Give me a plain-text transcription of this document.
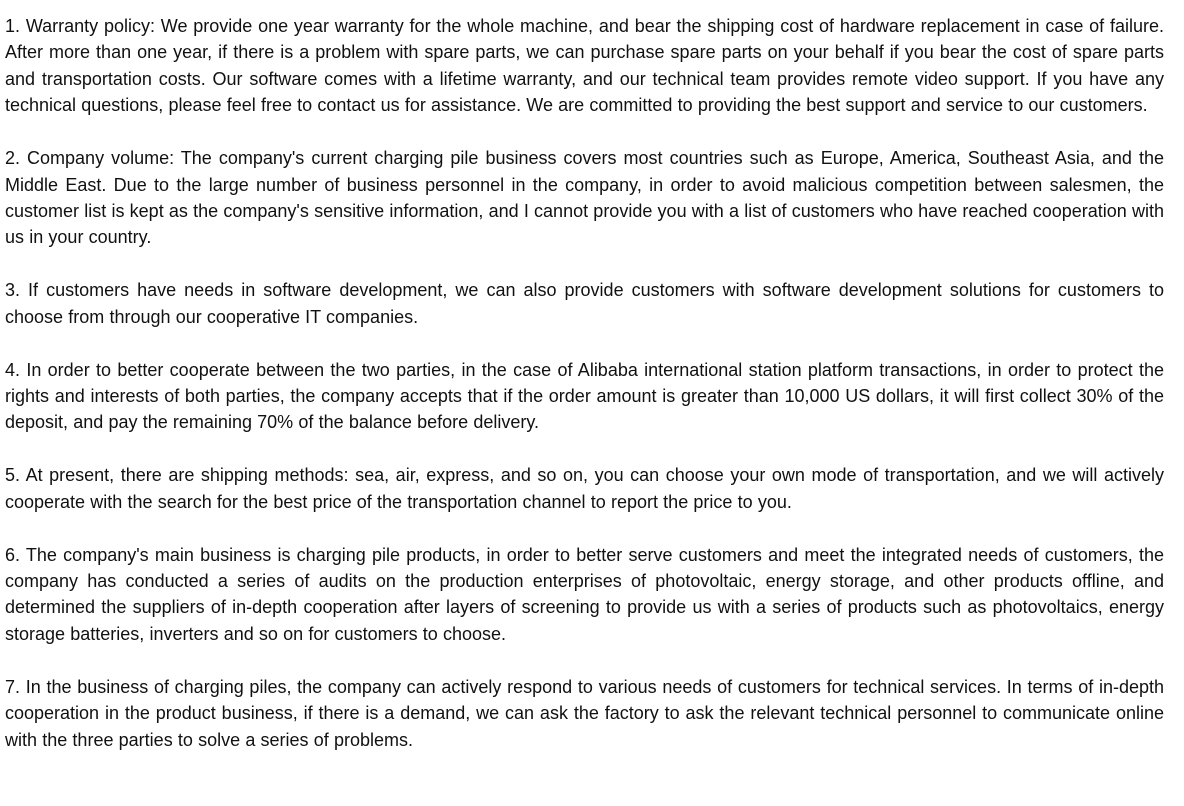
1. Warranty policy: We provide one year warranty for the whole machine, and bear the shipping cost of hardware replacement in case of failure. After more than one year, if there is a problem with spare parts, we can purchase spare parts on your behalf if you bear the cost of spare parts and transportation costs. Our software comes with a lifetime warranty, and our technical team provides remote video support. If you have any technical questions, please feel free to contact us for assistance. We are committed to providing the best support and service to our customers.

2. Company volume: The company's current charging pile business covers most countries such as Europe, America, Southeast Asia, and the Middle East. Due to the large number of business personnel in the company, in order to avoid malicious competition between salesmen, the customer list is kept as the company's sensitive information, and I cannot provide you with a list of customers who have reached cooperation with us in your country.

3. If customers have needs in software development, we can also provide customers with software development solutions for customers to choose from through our cooperative IT companies.

4. In order to better cooperate between the two parties, in the case of Alibaba international station platform transactions, in order to protect the rights and interests of both parties, the company accepts that if the order amount is greater than 10,000 US dollars, it will first collect 30% of the deposit, and pay the remaining 70% of the balance before delivery.

5. At present, there are shipping methods: sea, air, express, and so on, you can choose your own mode of transportation, and we will actively cooperate with the search for the best price of the transportation channel to report the price to you.

6. The company's main business is charging pile products, in order to better serve customers and meet the integrated needs of customers, the company has conducted a series of audits on the production enterprises of photovoltaic, energy storage, and other products offline, and determined the suppliers of in-depth cooperation after layers of screening to provide us with a series of products such as photovoltaics, energy storage batteries, inverters and so on for customers to choose.

7. In the business of charging piles, the company can actively respond to various needs of customers for technical services. In terms of in-depth cooperation in the product business, if there is a demand, we can ask the factory to ask the relevant technical personnel to communicate online with the three parties to solve a series of problems.
